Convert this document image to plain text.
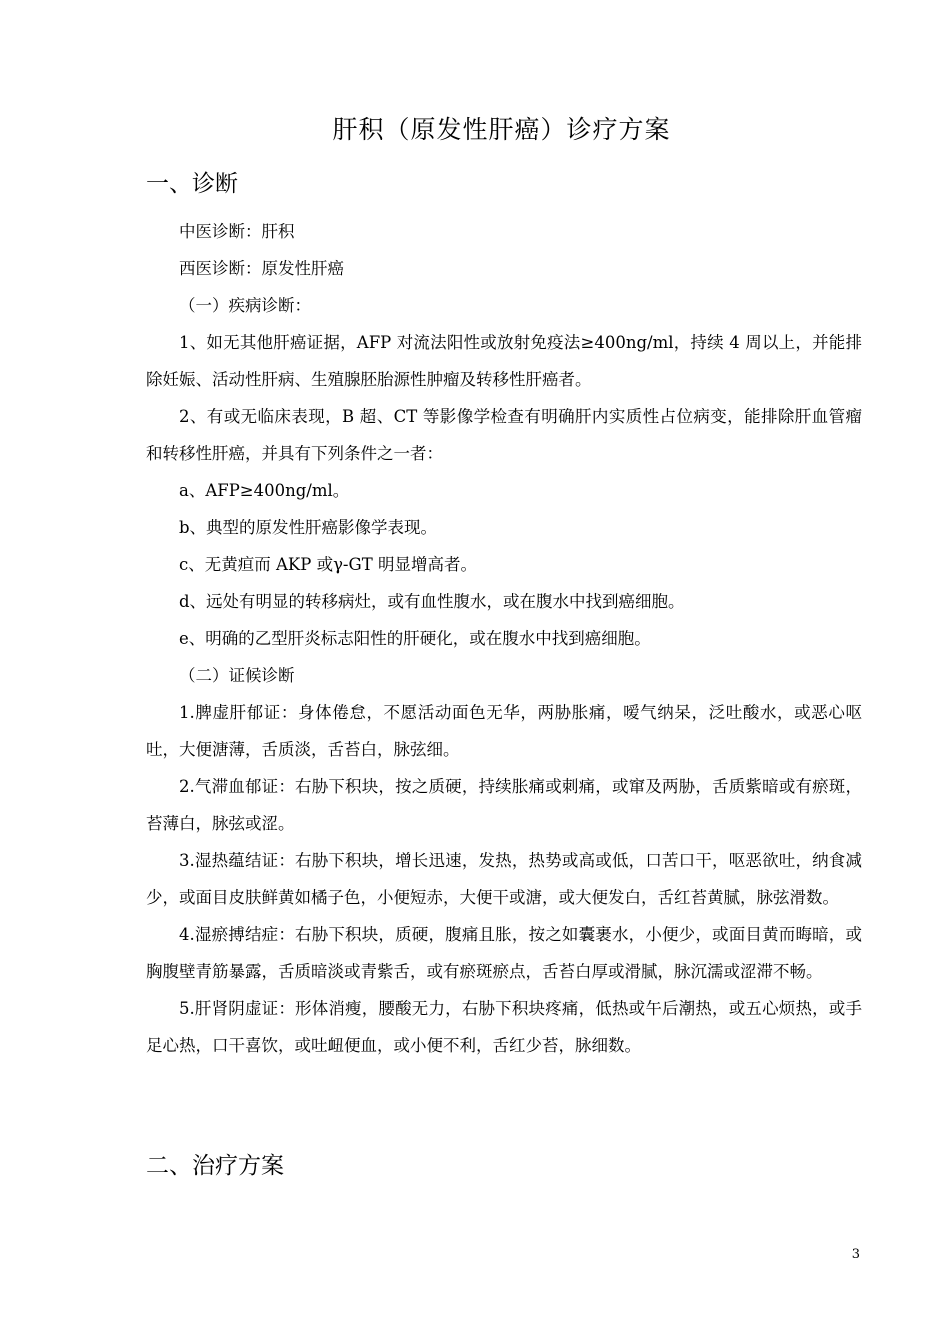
肝积（原发性肝癌）诊疗方案
一、诊断

中医诊断：肝积

西医诊断：原发性肝癌

（一）疾病诊断：

1、如无其他肝癌证据，AFP 对流法阳性或放射免疫法≥400ng/ml，持续 4 周以上，并能排除妊娠、活动性肝病、生殖腺胚胎源性肿瘤及转移性肝癌者。

2、有或无临床表现，B 超、CT 等影像学检查有明确肝内实质性占位病变，能排除肝血管瘤和转移性肝癌，并具有下列条件之一者：

a、AFP≥400ng/ml。

b、典型的原发性肝癌影像学表现。

c、无黄疸而 AKP 或γ-GT 明显增高者。

d、远处有明显的转移病灶，或有血性腹水，或在腹水中找到癌细胞。

e、明确的乙型肝炎标志阳性的肝硬化，或在腹水中找到癌细胞。

（二）证候诊断

1.脾虚肝郁证：身体倦怠，不愿活动面色无华，两胁胀痛，嗳气纳呆，泛吐酸水，或恶心呕吐，大便溏薄，舌质淡，舌苔白，脉弦细。

2.气滞血郁证：右胁下积块，按之质硬，持续胀痛或刺痛，或窜及两胁，舌质紫暗或有瘀斑，苔薄白，脉弦或涩。

3.湿热蕴结证：右胁下积块，增长迅速，发热，热势或高或低，口苦口干，呕恶欲吐，纳食减少，或面目皮肤鲜黄如橘子色，小便短赤，大便干或溏，或大便发白，舌红苔黄腻，脉弦滑数。

4.湿瘀搏结症：右胁下积块，质硬，腹痛且胀，按之如囊裹水，小便少，或面目黄而晦暗，或胸腹壁青筋暴露，舌质暗淡或青紫舌，或有瘀斑瘀点，舌苔白厚或滑腻，脉沉濡或涩滞不畅。

5.肝肾阴虚证：形体消瘦，腰酸无力，右胁下积块疼痛，低热或午后潮热，或五心烦热，或手足心热，口干喜饮，或吐衄便血，或小便不利，舌红少苔，脉细数。

二、治疗方案
3
